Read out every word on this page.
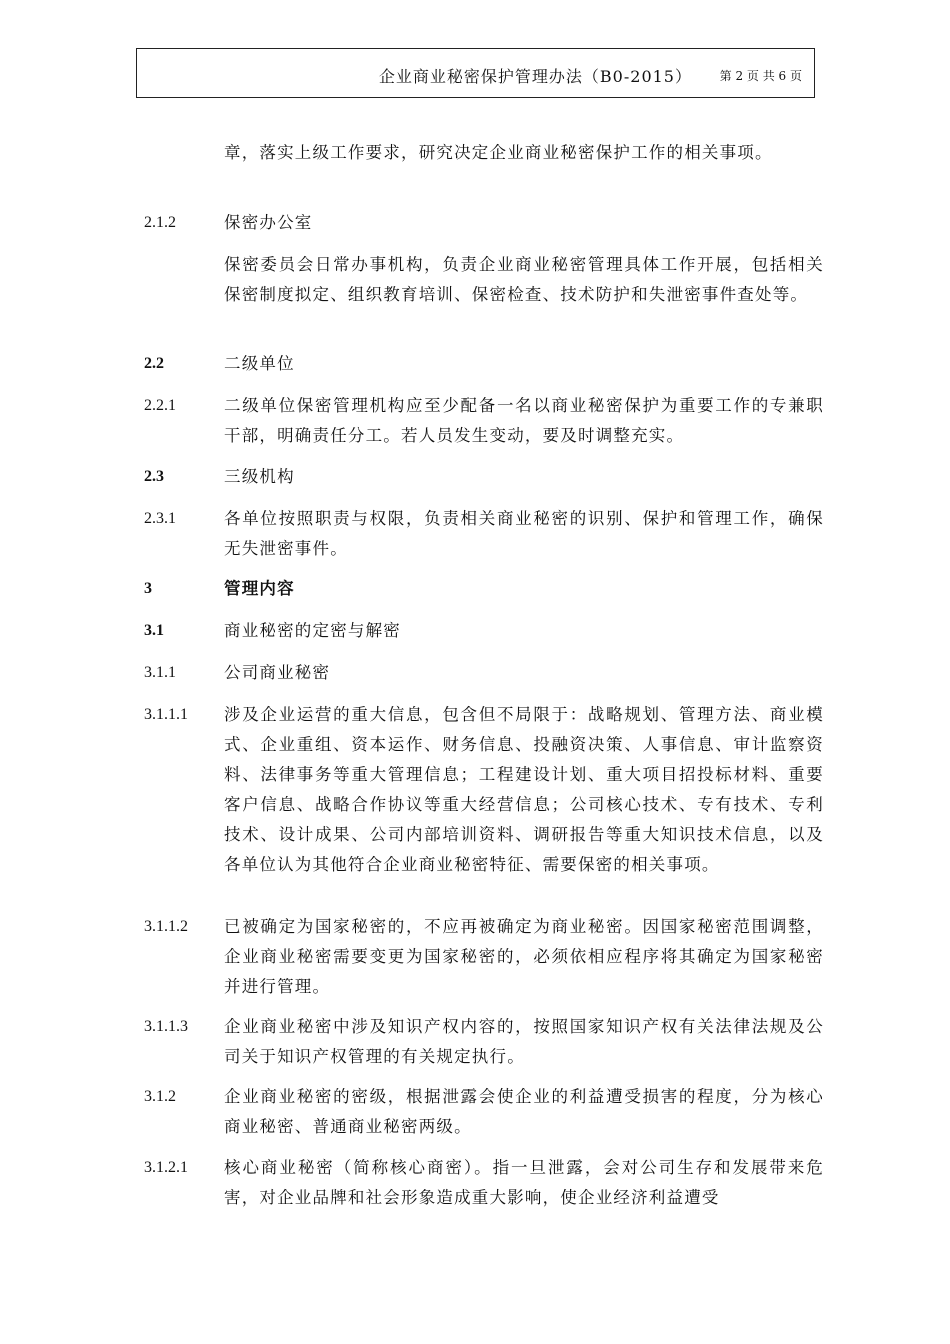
企业商业秘密保护管理办法（B0-2015） 第 2 页 共 6 页
章，落实上级工作要求，研究决定企业商业秘密保护工作的相关事项。
2.1.2	保密办公室
保密委员会日常办事机构，负责企业商业秘密管理具体工作开展，包括相关保密制度拟定、组织教育培训、保密检查、技术防护和失泄密事件查处等。
2.2	二级单位
2.2.1	二级单位保密管理机构应至少配备一名以商业秘密保护为重要工作的专兼职干部，明确责任分工。若人员发生变动，要及时调整充实。
2.3	三级机构
2.3.1	各单位按照职责与权限，负责相关商业秘密的识别、保护和管理工作，确保无失泄密事件。
3	管理内容
3.1	商业秘密的定密与解密
3.1.1	公司商业秘密
3.1.1.1 涉及企业运营的重大信息，包含但不局限于：战略规划、管理方法、商业模式、企业重组、资本运作、财务信息、投融资决策、人事信息、审计监察资料、法律事务等重大管理信息；工程建设计划、重大项目招投标材料、重要客户信息、战略合作协议等重大经营信息；公司核心技术、专有技术、专利技术、设计成果、公司内部培训资料、调研报告等重大知识技术信息，以及各单位认为其他符合企业商业秘密特征、需要保密的相关事项。
3.1.1.2 已被确定为国家秘密的，不应再被确定为商业秘密。因国家秘密范围调整，企业商业秘密需要变更为国家秘密的，必须依相应程序将其确定为国家秘密并进行管理。
3.1.1.3 企业商业秘密中涉及知识产权内容的，按照国家知识产权有关法律法规及公司关于知识产权管理的有关规定执行。
3.1.2	企业商业秘密的密级，根据泄露会使企业的利益遭受损害的程度，分为核心商业秘密、普通商业秘密两级。
3.1.2.1 核心商业秘密（简称核心商密）。指一旦泄露，会对公司生存和发展带来危害，对企业品牌和社会形象造成重大影响，使企业经济利益遭受
